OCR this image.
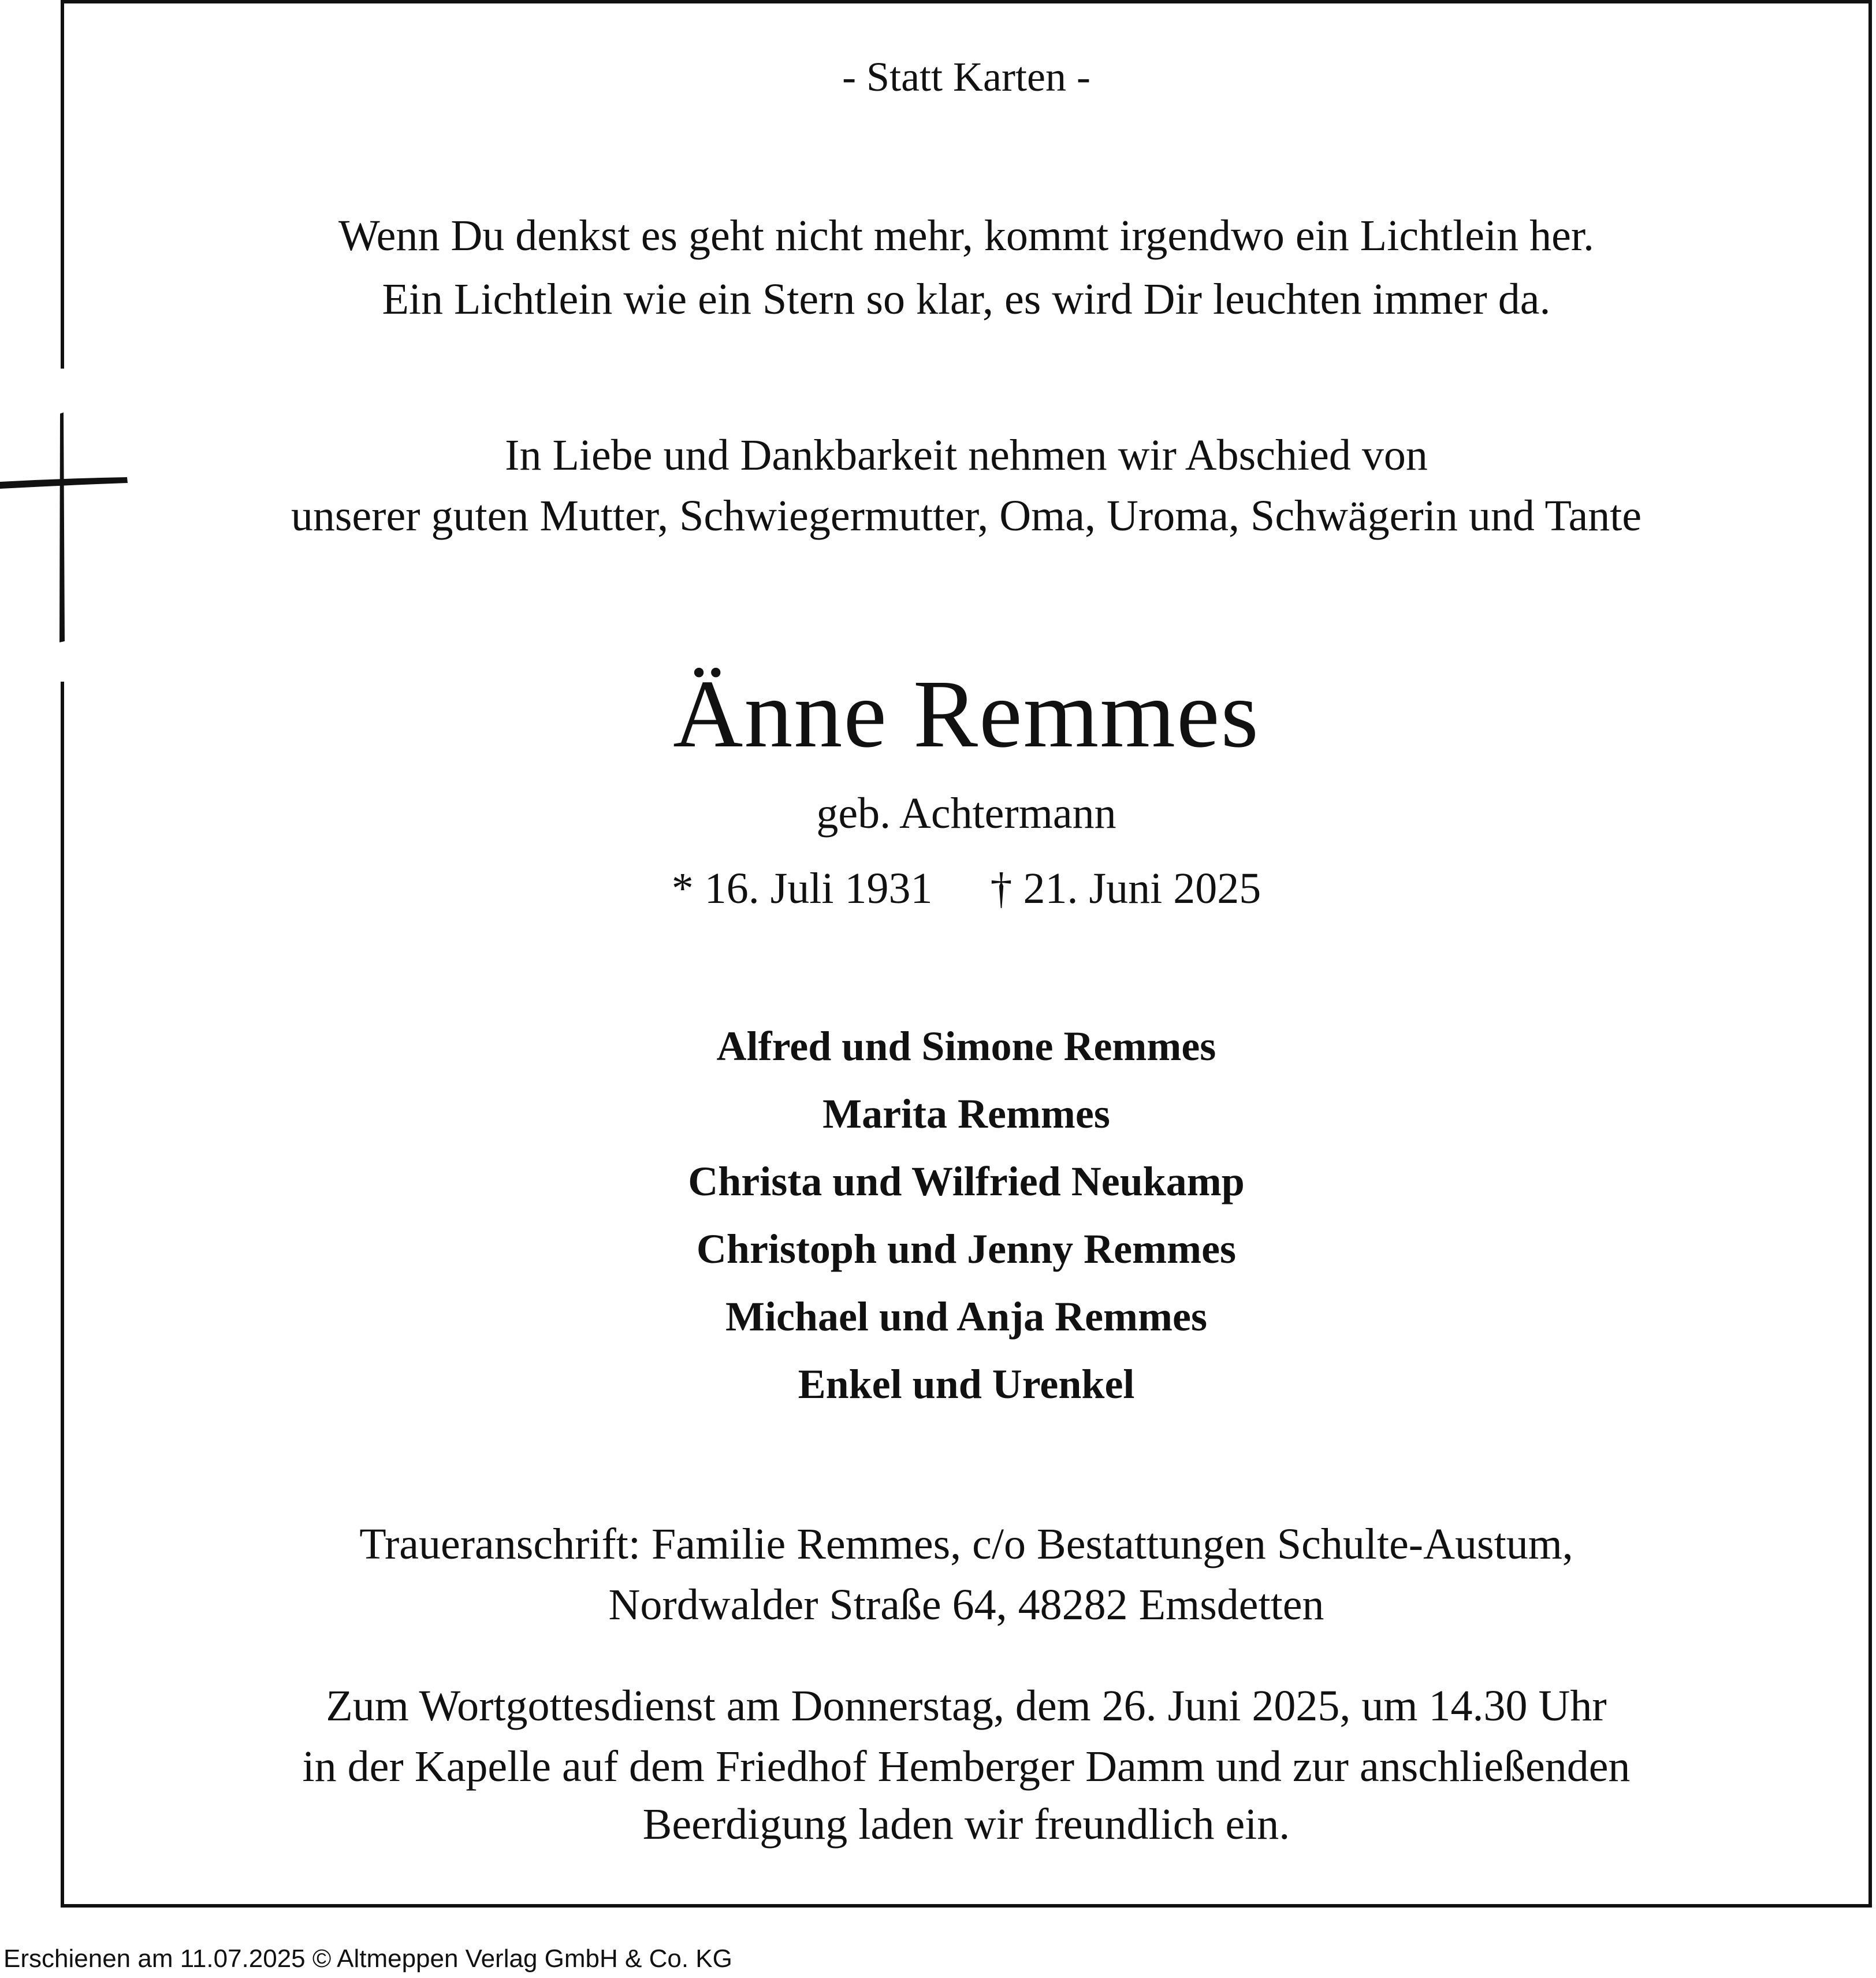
- Statt Karten -
Wenn Du denkst es geht nicht mehr, kommt irgendwo ein Lichtlein her.
Ein Lichtlein wie ein Stern so klar, es wird Dir leuchten immer da.
In Liebe und Dankbarkeit nehmen wir Abschied von
unserer guten Mutter, Schwiegermutter, Oma, Uroma, Schwägerin und Tante
Änne Remmes
geb. Achtermann
* 16. Juli 1931 † 21. Juni 2025
Alfred und Simone Remmes
Marita Remmes
Christa und Wilfried Neukamp
Christoph und Jenny Remmes
Michael und Anja Remmes
Enkel und Urenkel
Traueranschrift: Familie Remmes, c/o Bestattungen Schulte-Austum,
Nordwalder Straße 64, 48282 Emsdetten
Zum Wortgottesdienst am Donnerstag, dem 26. Juni 2025, um 14.30 Uhr
in der Kapelle auf dem Friedhof Hemberger Damm und zur anschließenden
Beerdigung laden wir freundlich ein.
Erschienen am 11.07.2025 © Altmeppen Verlag GmbH & Co. KG
